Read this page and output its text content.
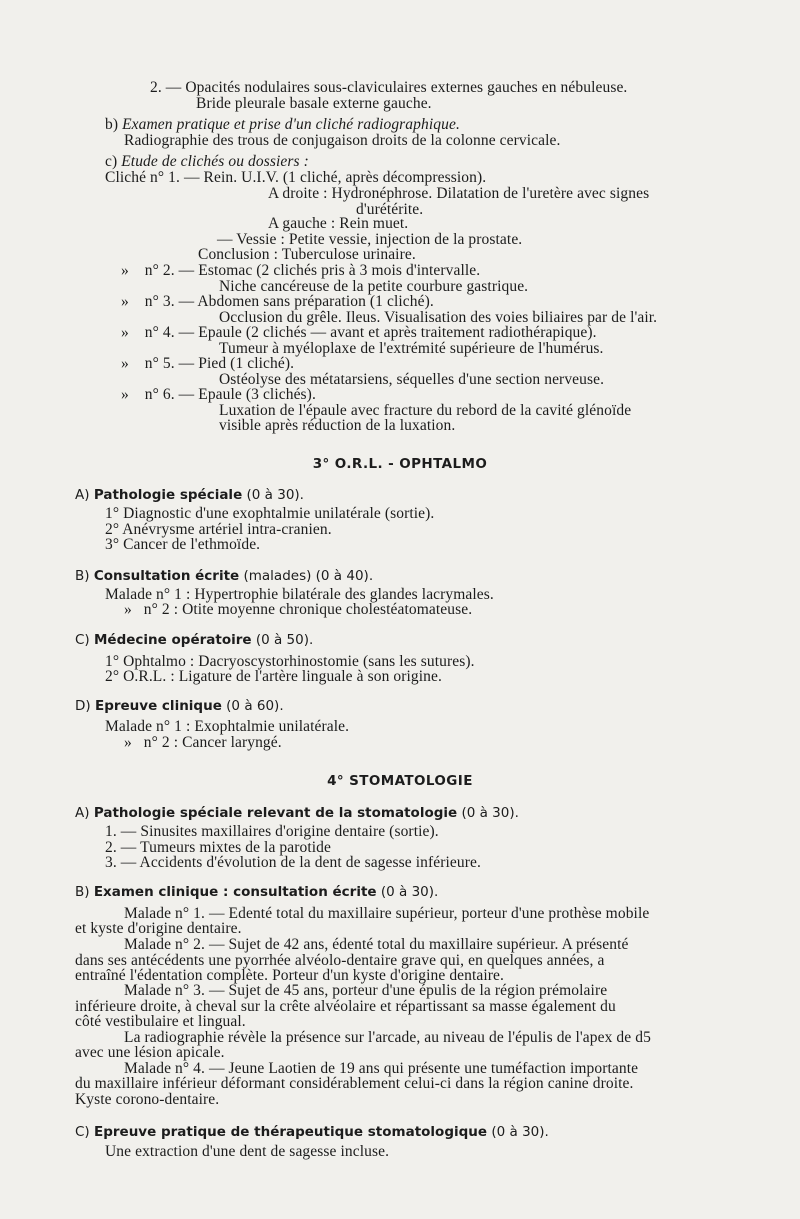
2. — Opacités nodulaires sous-claviculaires externes gauches en nébuleuse.
Bride pleurale basale externe gauche.
b) Examen pratique et prise d'un cliché radiographique.
Radiographie des trous de conjugaison droits de la colonne cervicale.
c) Etude de clichés ou dossiers :
Cliché n° 1. — Rein. U.I.V. (1 cliché, après décompression).
A droite : Hydronéphrose. Dilatation de l'uretère avec signes
d'urétérite.
A gauche : Rein muet.
— Vessie : Petite vessie, injection de la prostate.
Conclusion : Tuberculose urinaire.
»    n° 2. — Estomac (2 clichés pris à 3 mois d'intervalle.
Niche cancéreuse de la petite courbure gastrique.
»    n° 3. — Abdomen sans préparation (1 cliché).
Occlusion du grêle. Ileus. Visualisation des voies biliaires par de l'air.
»    n° 4. — Epaule (2 clichés — avant et après traitement radiothérapique).
Tumeur à myéloplaxe de l'extrémité supérieure de l'humérus.
»    n° 5. — Pied (1 cliché).
Ostéolyse des métatarsiens, séquelles d'une section nerveuse.
»    n° 6. — Epaule (3 clichés).
Luxation de l'épaule avec fracture du rebord de la cavité glénoïde
visible après réduction de la luxation.
3° O.R.L. - OPHTALMO
A) Pathologie spéciale (0 à 30).
1° Diagnostic d'une exophtalmie unilatérale (sortie).
2° Anévrysme artériel intra-cranien.
3° Cancer de l'ethmoïde.
B) Consultation écrite (malades) (0 à 40).
Malade n° 1 : Hypertrophie bilatérale des glandes lacrymales.
»   n° 2 : Otite moyenne chronique cholestéatomateuse.
C) Médecine opératoire (0 à 50).
1° Ophtalmo : Dacryoscystorhinostomie (sans les sutures).
2° O.R.L. : Ligature de l'artère linguale à son origine.
D) Epreuve clinique (0 à 60).
Malade n° 1 : Exophtalmie unilatérale.
»   n° 2 : Cancer laryngé.
4° STOMATOLOGIE
A) Pathologie spéciale relevant de la stomatologie (0 à 30).
1. — Sinusites maxillaires d'origine dentaire (sortie).
2. — Tumeurs mixtes de la parotide
3. — Accidents d'évolution de la dent de sagesse inférieure.
B) Examen clinique : consultation écrite (0 à 30).
Malade n° 1. — Edenté total du maxillaire supérieur, porteur d'une prothèse mobile
et kyste d'origine dentaire.
Malade n° 2. — Sujet de 42 ans, édenté total du maxillaire supérieur. A présenté
dans ses antécédents une pyorrhée alvéolo-dentaire grave qui, en quelques années, a
entraîné l'édentation complète. Porteur d'un kyste d'origine dentaire.
Malade n° 3. — Sujet de 45 ans, porteur d'une épulis de la région prémolaire
inférieure droite, à cheval sur la crête alvéolaire et répartissant sa masse également du
côté vestibulaire et lingual.
La radiographie révèle la présence sur l'arcade, au niveau de l'épulis de l'apex de d5
avec une lésion apicale.
Malade n° 4. — Jeune Laotien de 19 ans qui présente une tuméfaction importante
du maxillaire inférieur déformant considérablement celui-ci dans la région canine droite.
Kyste corono-dentaire.
C) Epreuve pratique de thérapeutique stomatologique (0 à 30).
Une extraction d'une dent de sagesse incluse.
